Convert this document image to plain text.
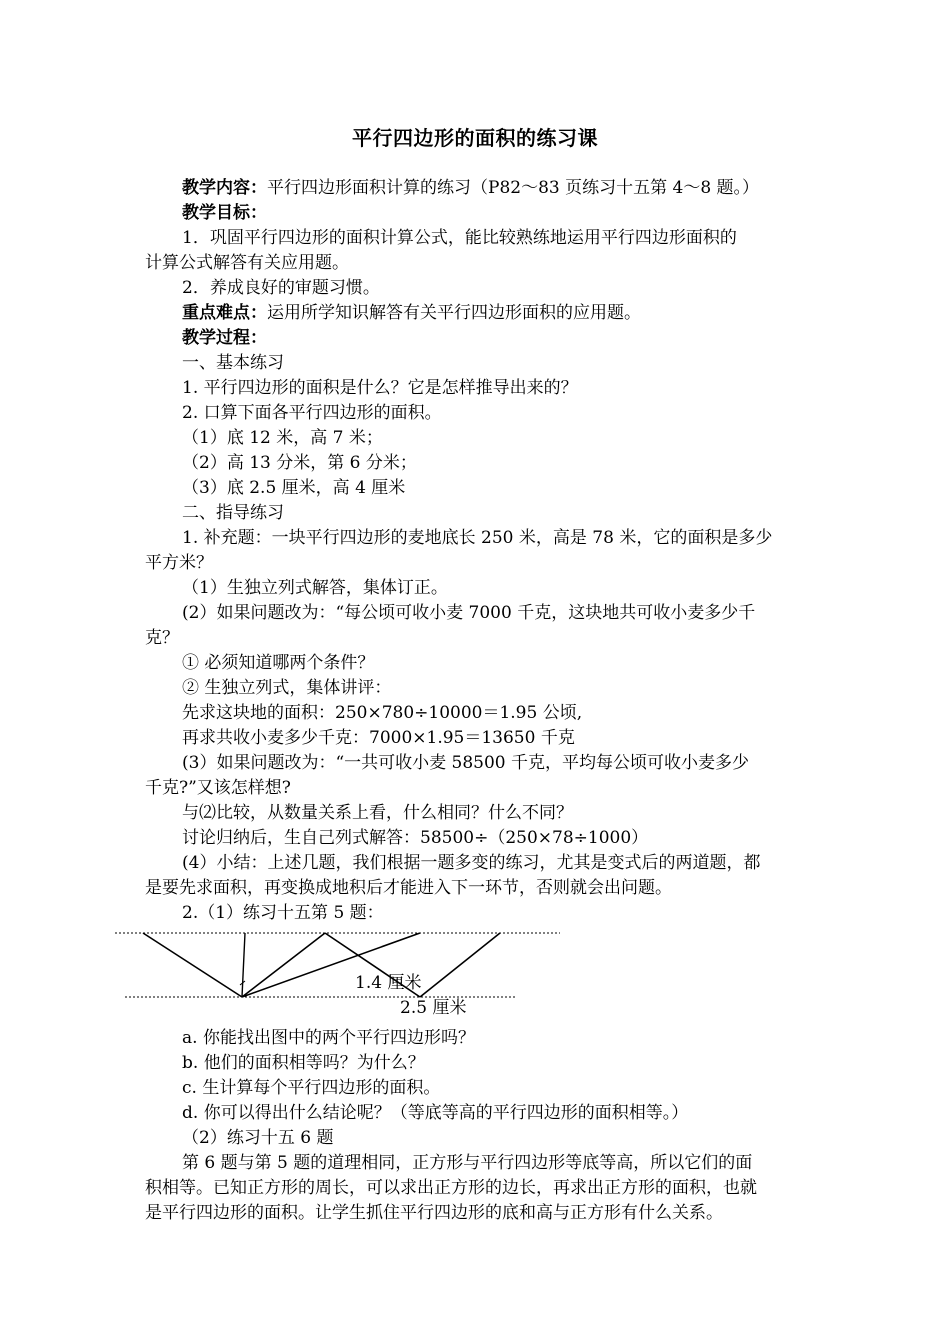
平行四边形的面积的练习课
教学内容：平行四边形面积计算的练习（P82～83 页练习十五第 4～8 题。）
教学目标：
1．巩固平行四边形的面积计算公式，能比较熟练地运用平行四边形面积的
计算公式解答有关应用题。
2．养成良好的审题习惯。
重点难点：运用所学知识解答有关平行四边形面积的应用题。
教学过程：
一、基本练习
1. 平行四边形的面积是什么？它是怎样推导出来的？
2. 口算下面各平行四边形的面积。
（1）底 12 米，高 7 米；
（2）高 13 分米，第 6 分米；
（3）底 2.5 厘米，高 4 厘米
二、指导练习
1. 补充题：一块平行四边形的麦地底长 250 米，高是 78 米，它的面积是多少
平方米？
（1）生独立列式解答，集体订正。
(2）如果问题改为：“每公顷可收小麦 7000 千克，这块地共可收小麦多少千
克？
① 必须知道哪两个条件？
② 生独立列式，集体讲评：
先求这块地的面积：250×780÷10000＝1.95 公顷,
再求共收小麦多少千克：7000×1.95＝13650 千克
(3）如果问题改为：“一共可收小麦 58500 千克，平均每公顷可收小麦多少
千克?”又该怎样想?
与⑵比较，从数量关系上看，什么相同？什么不同？
讨论归纳后，生自己列式解答：58500÷（250×78÷1000）
(4）小结：上述几题，我们根据一题多变的练习，尤其是变式后的两道题，都
是要先求面积，再变换成地积后才能进入下一环节，否则就会出问题。
2.（1）练习十五第 5 题：
a. 你能找出图中的两个平行四边形吗？
b. 他们的面积相等吗？为什么？
c. 生计算每个平行四边形的面积。
d. 你可以得出什么结论呢？（等底等高的平行四边形的面积相等。）
（2）练习十五 6 题
第 6 题与第 5 题的道理相同，正方形与平行四边形等底等高，所以它们的面
积相等。已知正方形的周长，可以求出正方形的边长，再求出正方形的面积，也就
是平行四边形的面积。让学生抓住平行四边形的底和高与正方形有什么关系。
1.4 厘米
2.5 厘米
